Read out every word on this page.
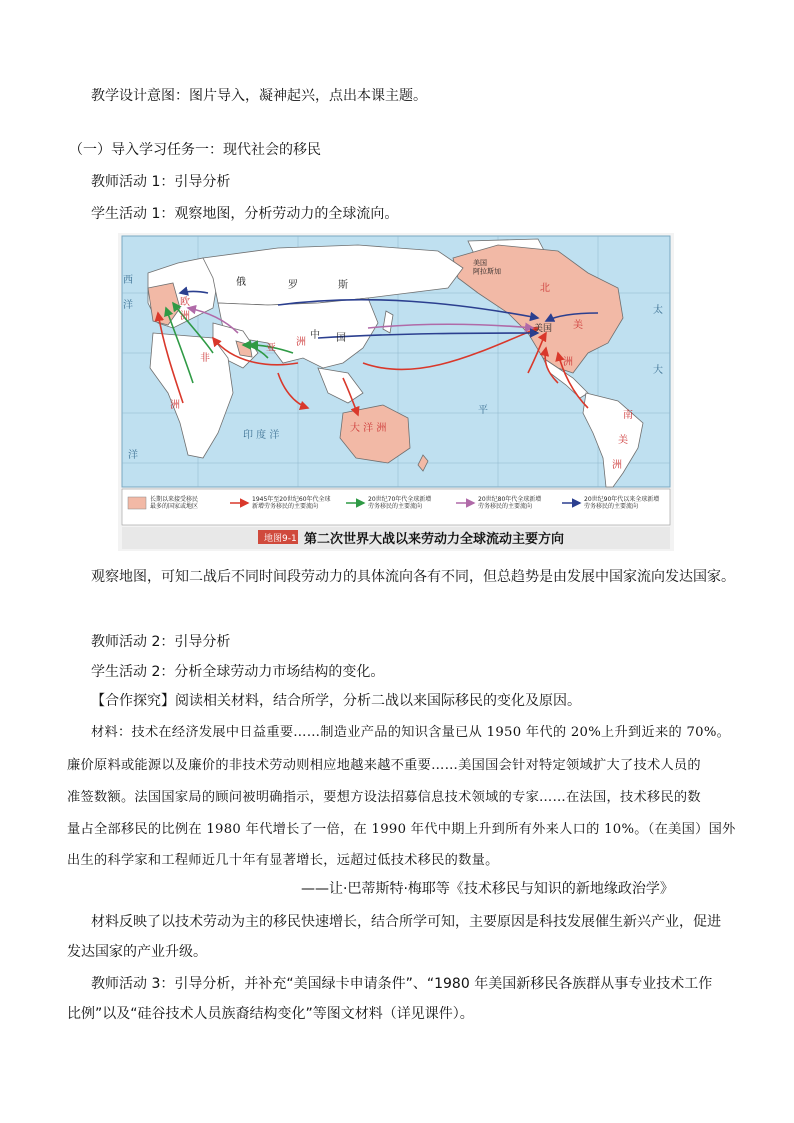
教学设计意图：图片导入，凝神起兴，点出本课主题。
（一）导入学习任务一：现代社会的移民
教师活动 1：引导分析
学生活动 1：观察地图，分析劳动力的全球流向。
俄	罗	斯
中 国
欧
洲
亚
洲
非
洲
北
美
洲
南
美
洲
大 洋 洲
美国
美国阿拉斯加
印 度 洋
太
平
洋
大
西
洋
长期以来接受移民最多的国家或地区
1945年至20世纪60年代全球新增劳务移民的主要流向
20世纪70年代全球新增劳务移民的主要流向
20世纪80年代全球新增劳务移民的主要流向
20世纪90年代以来全球新增劳务移民的主要流向
地图9-1 第二次世界大战以来劳动力全球流动主要方向
观察地图，可知二战后不同时间段劳动力的具体流向各有不同，但总趋势是由发展中国家流向发达国家。
教师活动 2：引导分析
学生活动 2：分析全球劳动力市场结构的变化。
【合作探究】阅读相关材料，结合所学，分析二战以来国际移民的变化及原因。
材料：技术在经济发展中日益重要……制造业产品的知识含量已从 1950 年代的 20%上升到近来的 70%。
廉价原料或能源以及廉价的非技术劳动则相应地越来越不重要……美国国会针对特定领域扩大了技术人员的
准签数额。法国国家局的顾问被明确指示，要想方设法招募信息技术领域的专家……在法国，技术移民的数
量占全部移民的比例在 1980 年代增长了一倍，在 1990 年代中期上升到所有外来人口的 10%。（在美国）国外
出生的科学家和工程师近几十年有显著增长，远超过低技术移民的数量。
——让·巴蒂斯特·梅耶等《技术移民与知识的新地缘政治学》
材料反映了以技术劳动为主的移民快速增长，结合所学可知，主要原因是科技发展催生新兴产业，促进
发达国家的产业升级。
教师活动 3：引导分析，并补充“美国绿卡申请条件”、“1980 年美国新移民各族群从事专业技术工作
比例”以及“硅谷技术人员族裔结构变化”等图文材料（详见课件）。
